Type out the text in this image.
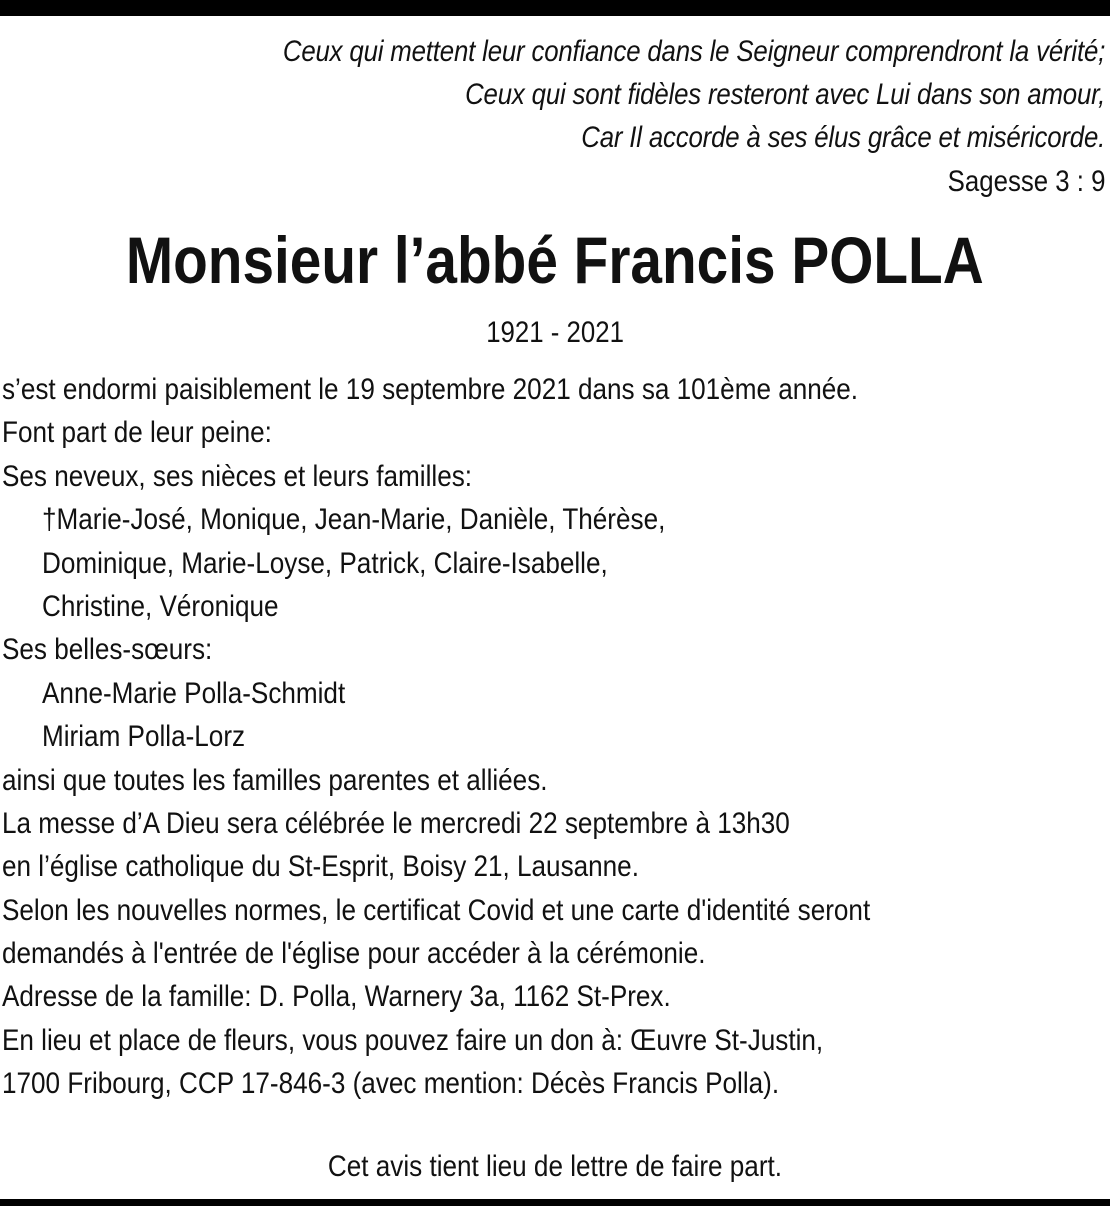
Ceux qui mettent leur confiance dans le Seigneur comprendront la vérité;
Ceux qui sont fidèles resteront avec Lui dans son amour,
Car Il accorde à ses élus grâce et miséricorde.
Sagesse 3 : 9
Monsieur l’abbé Francis POLLA
1921 - 2021
s’est endormi paisiblement le 19 septembre 2021 dans sa 101ème année.
Font part de leur peine:
Ses neveux, ses nièces et leurs familles:
†Marie-José, Monique, Jean-Marie, Danièle, Thérèse,
Dominique, Marie-Loyse, Patrick, Claire-Isabelle,
Christine, Véronique
Ses belles-sœurs:
Anne-Marie Polla-Schmidt
Miriam Polla-Lorz
ainsi que toutes les familles parentes et alliées.
La messe d’A Dieu sera célébrée le mercredi 22 septembre à 13h30
en l’église catholique du St-Esprit, Boisy 21, Lausanne.
Selon les nouvelles normes, le certificat Covid et une carte d'identité seront
demandés à l'entrée de l'église pour accéder à la cérémonie.
Adresse de la famille: D. Polla, Warnery 3a, 1162 St-Prex.
En lieu et place de fleurs, vous pouvez faire un don à: Œuvre St-Justin,
1700 Fribourg, CCP 17-846-3 (avec mention: Décès Francis Polla).
Cet avis tient lieu de lettre de faire part.
